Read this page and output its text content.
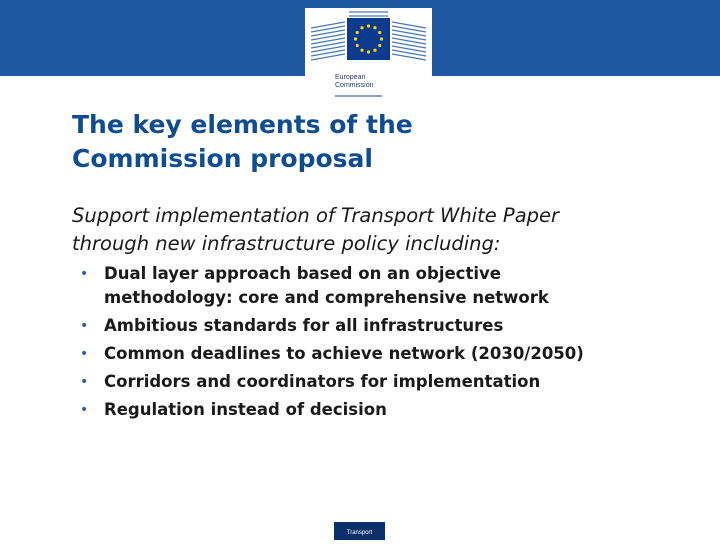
European
Commission
The key elements of the
Commission proposal

Support implementation of Transport White Paper
through new infrastructure policy including:

• Dual layer approach based on an objective
methodology: core and comprehensive network
• Ambitious standards for all infrastructures
• Common deadlines to achieve network (2030/2050)
• Corridors and coordinators for implementation
• Regulation instead of decision
Transport
